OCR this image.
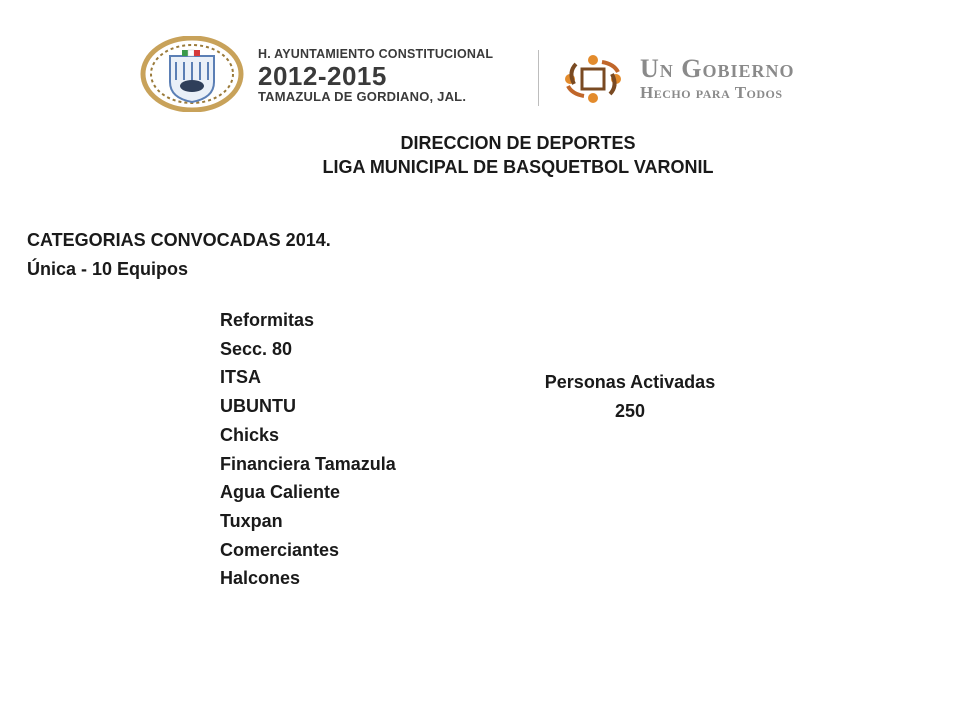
H. AYUNTAMIENTO CONSTITUCIONAL
2012-2015
TAMAZULA DE GORDIANO, JAL.
Un Gobierno
Hecho para Todos
DIRECCION DE DEPORTES
LIGA MUNICIPAL DE BASQUETBOL VARONIL
CATEGORIAS CONVOCADAS 2014.
Única - 10 Equipos
Reformitas
Secc. 80
ITSA
UBUNTU
Chicks
Financiera Tamazula
Agua Caliente
Tuxpan
Comerciantes
Halcones
Personas Activadas
250
